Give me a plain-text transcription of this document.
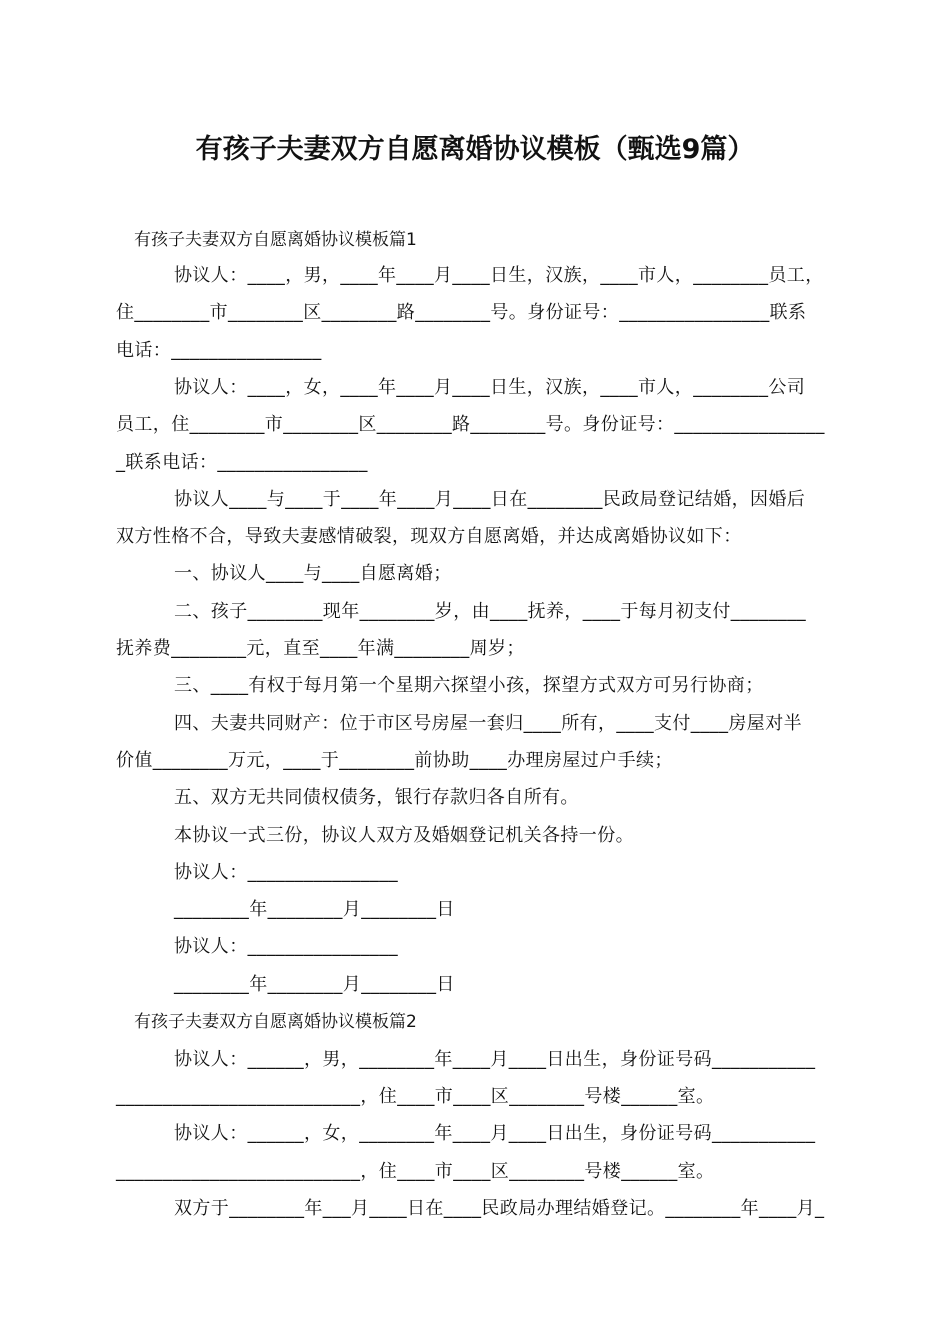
有孩子夫妻双方自愿离婚协议模板（甄选9篇）
有孩子夫妻双方自愿离婚协议模板篇1
协议人：____，男，____年____月____日生，汉族，____市人，________员工，
住________市________区________路________号。身份证号：________________联系
电话：________________
协议人：____，女，____年____月____日生，汉族，____市人，________公司
员工，住________市________区________路________号。身份证号：________________
_联系电话：________________
协议人____与____于____年____月____日在________民政局登记结婚，因婚后
双方性格不合，导致夫妻感情破裂，现双方自愿离婚，并达成离婚协议如下：
一、协议人____与____自愿离婚；
二、孩子________现年________岁，由____抚养，____于每月初支付________
抚养费________元，直至____年满________周岁；
三、____有权于每月第一个星期六探望小孩，探望方式双方可另行协商；
四、夫妻共同财产：位于市区号房屋一套归____所有，____支付____房屋对半
价值________万元，____于________前协助____办理房屋过户手续；
五、双方无共同债权债务，银行存款归各自所有。
本协议一式三份，协议人双方及婚姻登记机关各持一份。
协议人：________________
________年________月________日
协议人：________________
________年________月________日
有孩子夫妻双方自愿离婚协议模板篇2
协议人：______，男，________年____月____日出生，身份证号码___________
__________________________，住____市____区________号楼______室。
协议人：______，女，________年____月____日出生，身份证号码___________
__________________________，住____市____区________号楼______室。
双方于________年___月____日在____民政局办理结婚登记。________年____月_
